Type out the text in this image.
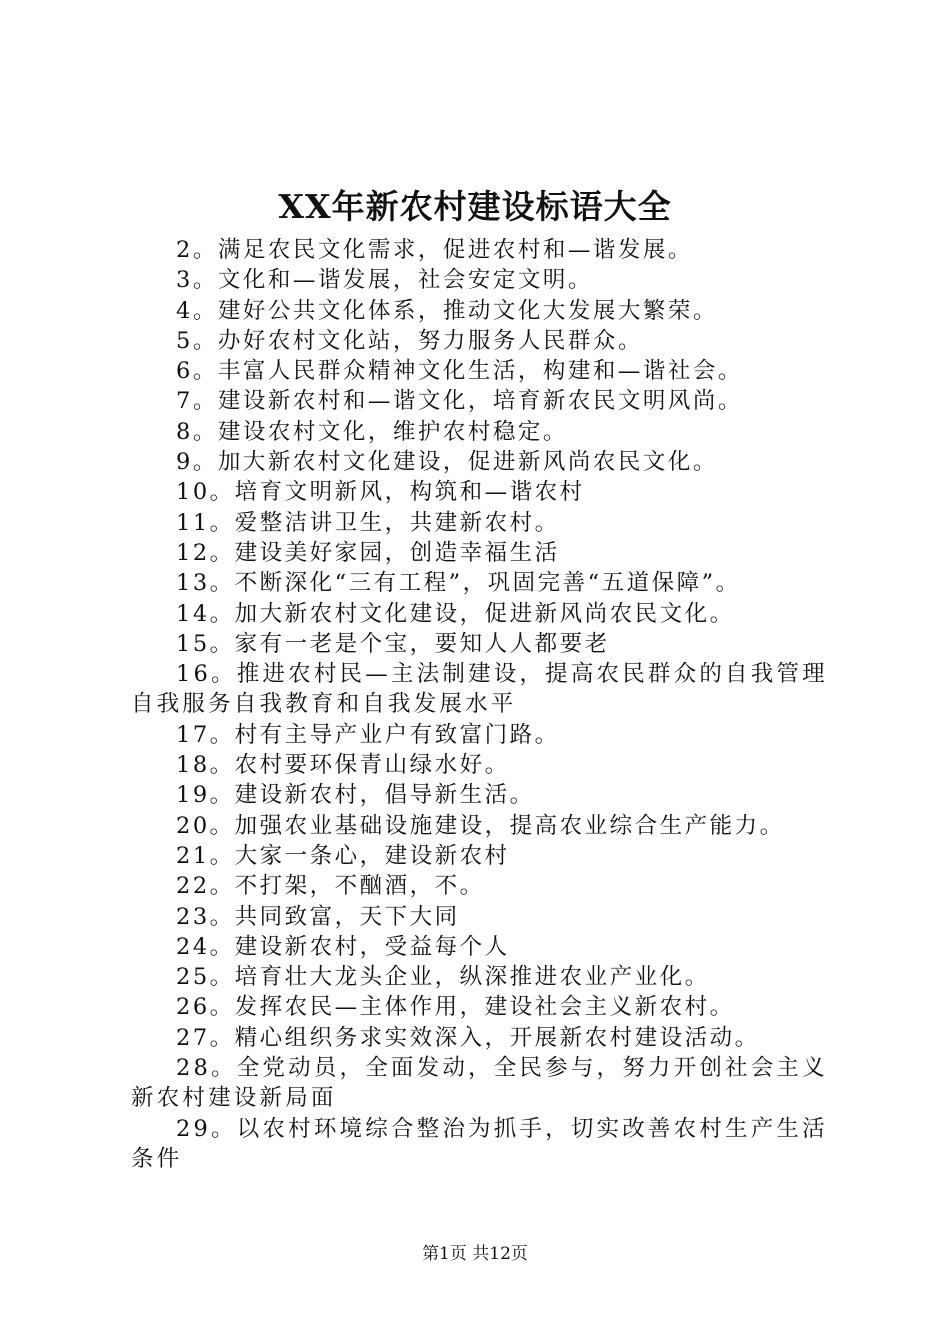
XX年新农村建设标语大全

2。满足农民文化需求，促进农村和—谐发展。

3。文化和—谐发展，社会安定文明。

4。建好公共文化体系，推动文化大发展大繁荣。

5。办好农村文化站，努力服务人民群众。

6。丰富人民群众精神文化生活，构建和—谐社会。

7。建设新农村和—谐文化，培育新农民文明风尚。

8。建设农村文化，维护农村稳定。

9。加大新农村文化建设，促进新风尚农民文化。

10。培育文明新风，构筑和—谐农村

11。爱整洁讲卫生，共建新农村。

12。建设美好家园，创造幸福生活

13。不断深化“三有工程”，巩固完善“五道保障”。

14。加大新农村文化建设，促进新风尚农民文化。

15。家有一老是个宝，要知人人都要老

16。推进农村民—主法制建设，提高农民群众的自我管理自我服务自我教育和自我发展水平

17。村有主导产业户有致富门路。

18。农村要环保青山绿水好。

19。建设新农村，倡导新生活。

20。加强农业基础设施建设，提高农业综合生产能力。

21。大家一条心，建设新农村

22。不打架，不酗酒，不。

23。共同致富，天下大同

24。建设新农村，受益每个人

25。培育壮大龙头企业，纵深推进农业产业化。

26。发挥农民—主体作用，建设社会主义新农村。

27。精心组织务求实效深入，开展新农村建设活动。

28。全党动员，全面发动，全民参与，努力开创社会主义新农村建设新局面

29。以农村环境综合整治为抓手，切实改善农村生产生活条件

第1页 共12页
